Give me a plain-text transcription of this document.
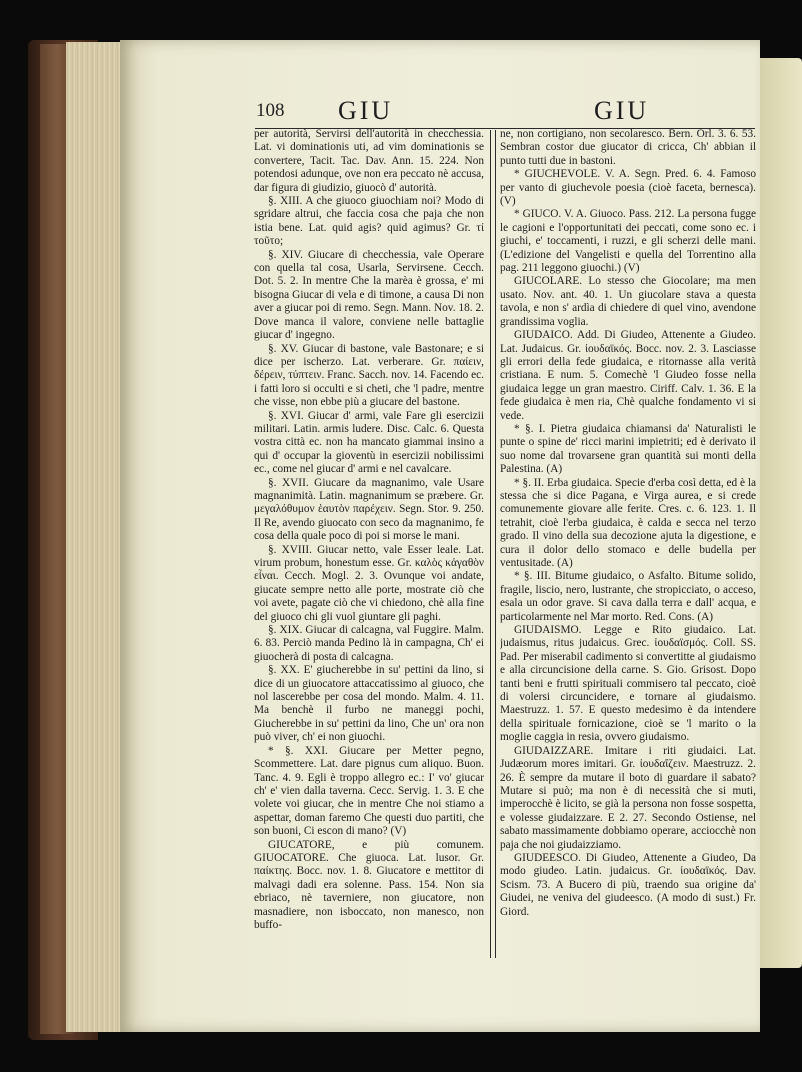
108 GIU	GIU

per autorità, Servirsi dell'autorità in checchessia. Lat. vi dominationis uti, ad vim dominationis se convertere, Tacit. Tac. Dav. Ann. 15. 224. Non potendosi adunque, ove non era peccato nè accusa, dar figura di giudizio, giuocò d' autorità.

§. XIII. A che giuoco giuochiam noi? Modo di sgridare altrui, che faccia cosa che paja che non istia bene. Lat. quid agis? quid agimus? Gr. τί τοῦτο;

§. XIV. Giucare di checchessia, vale Operare con quella tal cosa, Usarla, Servirsene. Cecch. Dot. 5. 2. In mentre Che la marèa è grossa, e' mi bisogna Giucar di vela e di timone, a causa Di non aver a giucar poi di remo. Segn. Mann. Nov. 18. 2. Dove manca il valore, conviene nelle battaglie giucar d' ingegno.

§. XV. Giucar di bastone, vale Bastonare; e si dice per ischerzo. Lat. verberare. Gr. παίειν, δέρειν, τύπτειν. Franc. Sacch. nov. 14. Facendo ec. i fatti loro si occulti e si cheti, che 'l padre, mentre che visse, non ebbe più a giucare del bastone.

§. XVI. Giucar d' armi, vale Fare gli esercizii militari. Latin. armis ludere. Disc. Calc. 6. Questa vostra città ec. non ha mancato giammai insino a qui d' occupar la gioventù in esercizii nobilissimi ec., come nel giucar d' armi e nel cavalcare.

§. XVII. Giucare da magnanimo, vale Usare magnanimità. Latin. magnanimum se præbere. Gr. μεγαλόθυμον ἑαυτὸν παρέχειν. Segn. Stor. 9. 250. Il Re, avendo giuocato con seco da magnanimo, fe cosa della quale poco di poi si morse le mani.

§. XVIII. Giucar netto, vale Esser leale. Lat. virum probum, honestum esse. Gr. καλὸς κἀγαθὸν εἶναι. Cecch. Mogl. 2. 3. Ovunque voi andate, giucate sempre netto alle porte, mostrate ciò che voi avete, pagate ciò che vi chiedono, chè alla fine del giuoco chi gli vuol giuntare gli paghi.

§. XIX. Giucar di calcagna, val Fuggire. Malm. 6. 83. Perciò manda Pedino là in campagna, Ch' ei giuocherà di posta di calcagna.

§. XX. E' giucherebbe in su' pettini da lino, si dice di un giuocatore attaccatissimo al giuoco, che nol lascerebbe per cosa del mondo. Malm. 4. 11. Ma benchè il furbo ne maneggi pochi, Giucherebbe in su' pettini da lino, Che un' ora non può viver, ch' ei non giuochi.

* §. XXI. Giucare per Metter pegno, Scommettere. Lat. dare pignus cum aliquo. Buon. Tanc. 4. 9. Egli è troppo allegro ec.: I' vo' giucar ch' e' vien dalla taverna. Cecc. Servig. 1. 3. E che volete voi giucar, che in mentre Che noi stiamo a aspettar, doman faremo Che questi duo partiti, che son buoni, Ci escon di mano? (V)

GIUCATORE, e più comunem. GIUOCATORE. Che giuoca. Lat. lusor. Gr. παίκτης. Bocc. nov. 1. 8. Giucatore e mettitor di malvagi dadi era solenne. Pass. 154. Non sia ebriaco, nè taverniere, non giucatore, non masnadiere, non isboccato, non manesco, non buffo-

ne, non cortigiano, non secolaresco. Bern. Orl. 3. 6. 53. Sembran costor due giucator di cricca, Ch' abbian il punto tutti due in bastoni.

* GIUCHEVOLE. V. A. Segn. Pred. 6. 4. Famoso per vanto di giuchevole poesia (cioè faceta, bernesca). (V)

* GIUCO. V. A. Giuoco. Pass. 212. La persona fugge le cagioni e l'opportunitati dei peccati, come sono ec. i giuchi, e' toccamenti, i ruzzi, e gli scherzi delle mani. (L'edizione del Vangelisti e quella del Torrentino alla pag. 211 leggono giuochi.) (V)

GIUCOLARE. Lo stesso che Giocolare; ma men usato. Nov. ant. 40. 1. Un giucolare stava a questa tavola, e non s' ardìa di chiedere di quel vino, avendone grandissima voglia.

GIUDAICO. Add. Di Giudeo, Attenente a Giudeo. Lat. Judaicus. Gr. ἰουδαϊκός. Bocc. nov. 2. 3. Lasciasse gli errori della fede giudaica, e ritornasse alla verità cristiana. E num. 5. Comechè 'l Giudeo fosse nella giudaica legge un gran maestro. Ciriff. Calv. 1. 36. E la fede giudaica è men ria, Chè qualche fondamento vi si vede.

* §. I. Pietra giudaica chiamansi da' Naturalisti le punte o spine de' ricci marini impietriti; ed è derivato il suo nome dal trovarsene gran quantità sui monti della Palestina. (A)

* §. II. Erba giudaica. Specie d'erba così detta, ed è la stessa che si dice Pagana, e Virga aurea, e si crede comunemente giovare alle ferite. Cres. c. 6. 123. 1. Il tetrahit, cioè l'erba giudaica, è calda e secca nel terzo grado. Il vino della sua decozione ajuta la digestione, e cura il dolor dello stomaco e delle budella per ventusitade. (A)

* §. III. Bitume giudaico, o Asfalto. Bitume solido, fragile, liscio, nero, lustrante, che stropicciato, o acceso, esala un odor grave. Si cava dalla terra e dall' acqua, e particolarmente nel Mar morto. Red. Cons. (A)

GIUDAISMO. Legge e Rito giudaico. Lat. judaismus, ritus judaicus. Grec. ἰουδαϊσμός. Coll. SS. Pad. Per miserabil cadimento si convertitte al giudaismo e alla circuncisione della carne. S. Gio. Grisost. Dopo tanti beni e frutti spirituali commisero tal peccato, cioè di volersi circuncidere, e tornare al giudaismo. Maestruzz. 1. 57. E questo medesimo è da intendere della spirituale fornicazione, cioè se 'l marito o la moglie caggia in resia, ovvero giudaismo.

GIUDAIZZARE. Imitare i riti giudaici. Lat. Judæorum mores imitari. Gr. ἰουδαΐζειν. Maestruzz. 2. 26. È sempre da mutare il boto di guardare il sabato? Mutare si può; ma non è di necessità che si muti, imperocchè è licito, se già la persona non fosse sospetta, e volesse giudaizzare. E 2. 27. Secondo Ostiense, nel sabato massimamente dobbiamo operare, acciocchè non paja che noi giudaizziamo.

GIUDEESCO. Di Giudeo, Attenente a Giudeo, Da modo giudeo. Latin. judaicus. Gr. ἰουδαϊκός. Dav. Scism. 73. A Bucero di più, traendo sua origine da' Giudei, ne veniva del giudeesco. (A modo di sust.) Fr. Giord.
